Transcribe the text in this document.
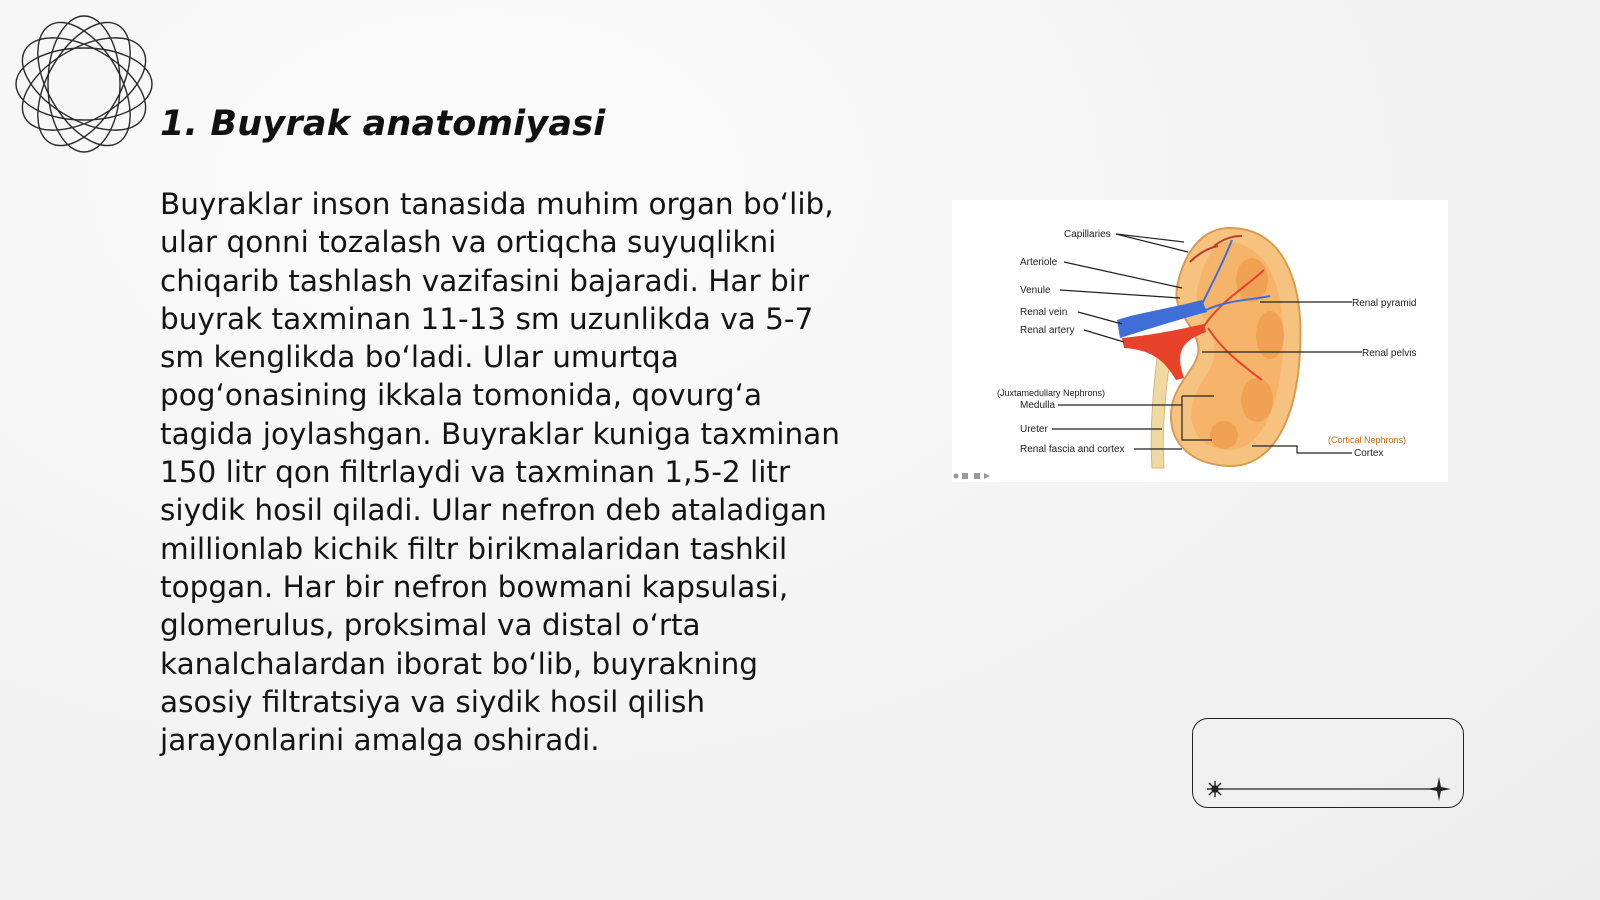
1. Buyrak anatomiyasi

Buyraklar inson tanasida muhim organ bo‘lib, ular qonni tozalash va ortiqcha suyuqlikni chiqarib tashlash vazifasini bajaradi. Har bir buyrak taxminan 11-13 sm uzunlikda va 5-7 sm kenglikda bo‘ladi. Ular umurtqa pog‘onasining ikkala tomonida, qovurg‘a tagida joylashgan. Buyraklar kuniga taxminan 150 litr qon filtrlaydi va taxminan 1,5-2 litr siydik hosil qiladi. Ular nefron deb ataladigan millionlab kichik filtr birikmalaridan tashkil topgan. Har bir nefron bowmani kapsulasi, glomerulus, proksimal va distal o‘rta kanalchalardan iborat bo‘lib, buyrakning asosiy filtratsiya va siydik hosil qilish jarayonlarini amalga oshiradi.

Capillaries
Arteriole
Venule
Renal vein
Renal artery
(Juxtamedullary Nephrons)
Medulla
Ureter
Renal fascia and cortex
Renal pyramid
Renal pelvis
(Cortical Nephrons)
Cortex
